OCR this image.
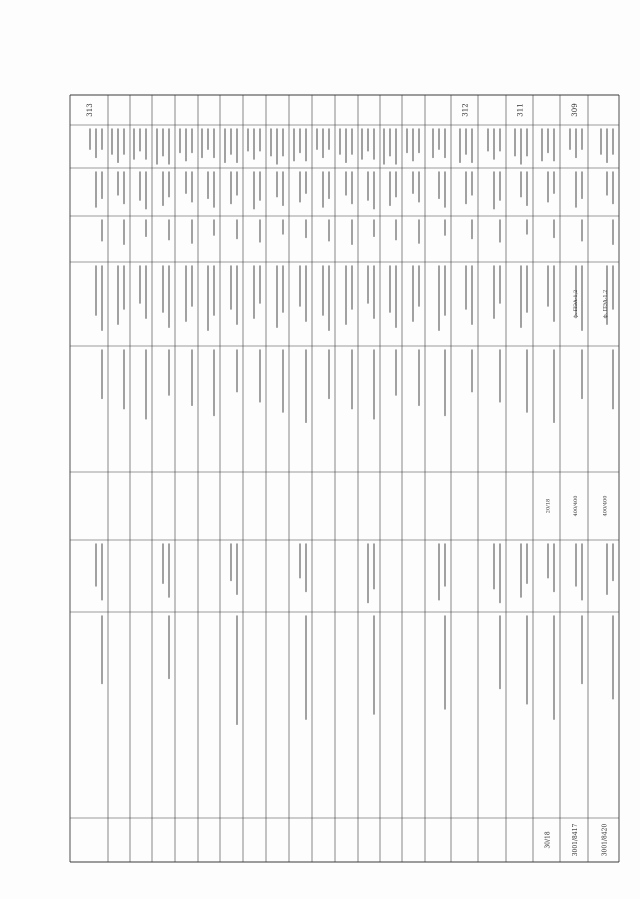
309
311
312
313
3001/8420
3001/8417
30/18
400/400
400/400
20/18
ф. ПЭА-1,2
ф. ПЭА-1,2
